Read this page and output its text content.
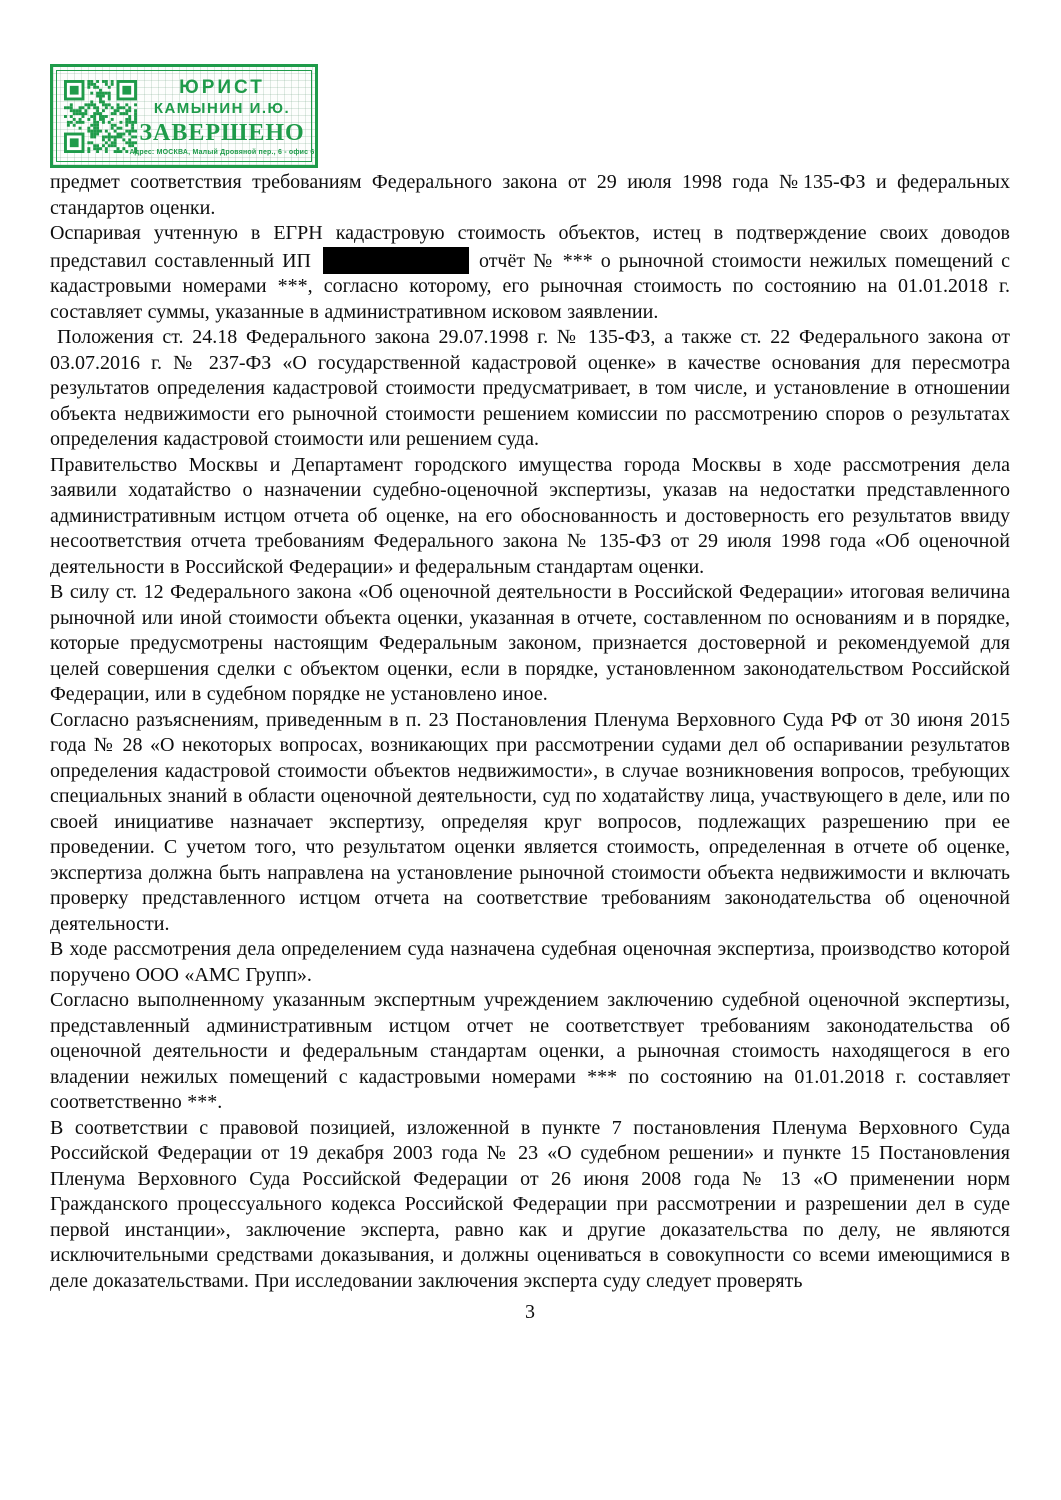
ЮРИСТ
КАМЫНИН И.Ю.
ЗАВЕРШЕНО
Адрес: МОСКВА, Малый Дровяной пер., 6 - офис 6

предмет соответствия требованиям Федерального закона от 29 июля 1998 года №135-ФЗ и федеральных стандартов оценки.

Оспаривая учтенную в ЕГРН кадастровую стоимость объектов, истец в подтверждение своих доводов представил составленный ИП	отчёт № *** о рыночной стоимости нежилых помещений с кадастровыми номерами ***, согласно которому, его рыночная стоимость по состоянию на 01.01.2018 г. составляет суммы, указанные в административном исковом заявлении.

Положения ст. 24.18 Федерального закона 29.07.1998 г. № 135-ФЗ, а также ст. 22 Федерального закона от 03.07.2016 г. № 237-ФЗ «О государственной кадастровой оценке» в качестве основания для пересмотра результатов определения кадастровой стоимости предусматривает, в том числе, и установление в отношении объекта недвижимости его рыночной стоимости решением комиссии по рассмотрению споров о результатах определения кадастровой стоимости или решением суда.

Правительство Москвы и Департамент городского имущества города Москвы в ходе рассмотрения дела заявили ходатайство о назначении судебно-оценочной экспертизы, указав на недостатки представленного административным истцом отчета об оценке, на его обоснованность и достоверность его результатов ввиду несоответствия отчета требованиям Федерального закона № 135-ФЗ от 29 июля 1998 года «Об оценочной деятельности в Российской Федерации» и федеральным стандартам оценки.

В силу ст. 12 Федерального закона «Об оценочной деятельности в Российской Федерации» итоговая величина рыночной или иной стоимости объекта оценки, указанная в отчете, составленном по основаниям и в порядке, которые предусмотрены настоящим Федеральным законом, признается достоверной и рекомендуемой для целей совершения сделки с объектом оценки, если в порядке, установленном законодательством Российской Федерации, или в судебном порядке не установлено иное.

Согласно разъяснениям, приведенным в п. 23 Постановления Пленума Верховного Суда РФ от 30 июня 2015 года № 28 «О некоторых вопросах, возникающих при рассмотрении судами дел об оспаривании результатов определения кадастровой стоимости объектов недвижимости», в случае возникновения вопросов, требующих специальных знаний в области оценочной деятельности, суд по ходатайству лица, участвующего в деле, или по своей инициативе назначает экспертизу, определяя круг вопросов, подлежащих разрешению при ее проведении. С учетом того, что результатом оценки является стоимость, определенная в отчете об оценке, экспертиза должна быть направлена на установление рыночной стоимости объекта недвижимости и включать проверку представленного истцом отчета на соответствие требованиям законодательства об оценочной деятельности.

В ходе рассмотрения дела определением суда назначена судебная оценочная экспертиза, производство которой поручено ООО «АМС Групп».

Согласно выполненному указанным экспертным учреждением заключению судебной оценочной экспертизы, представленный административным истцом отчет не соответствует требованиям законодательства об оценочной деятельности и федеральным стандартам оценки, а рыночная стоимость находящегося в его владении нежилых помещений с кадастровыми номерами *** по состоянию на 01.01.2018 г. составляет соответственно ***.

В соответствии с правовой позицией, изложенной в пункте 7 постановления Пленума Верховного Суда Российской Федерации от 19 декабря 2003 года № 23 «О судебном решении» и пункте 15 Постановления Пленума Верховного Суда Российской Федерации от 26 июня 2008 года № 13 «О применении норм Гражданского процессуального кодекса Российской Федерации при рассмотрении и разрешении дел в суде первой инстанции», заключение эксперта, равно как и другие доказательства по делу, не являются исключительными средствами доказывания, и должны оцениваться в совокупности со всеми имеющимися в деле доказательствами. При исследовании заключения эксперта суду следует проверять

3
